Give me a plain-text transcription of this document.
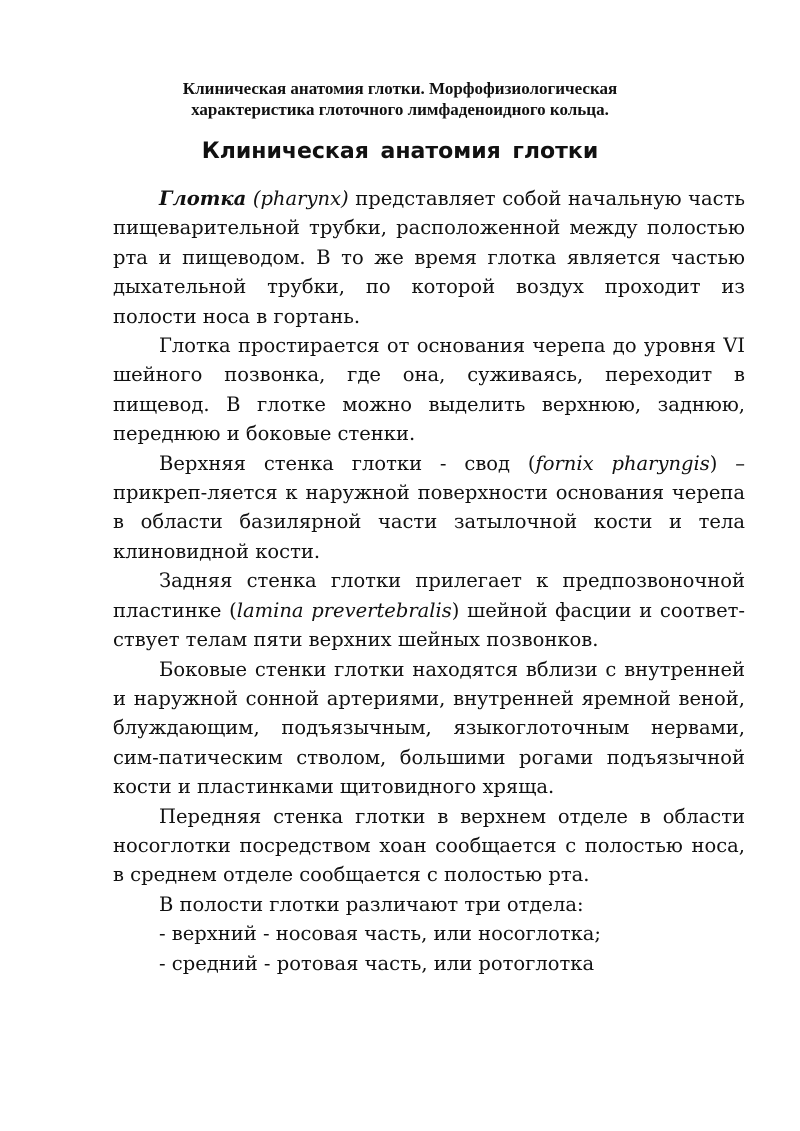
Клиническая анатомия глотки. Морфофизиологическая
характеристика глоточного лимфаденоидного кольца.
Клиническая анатомия глотки

Глотка (pharynx) представляет собой начальную часть пищеварительной трубки, расположенной между полостью рта и пищеводом. В то же время глотка является частью дыхательной трубки, по которой воздух проходит из полости носа в гортань.

Глотка простирается от основания черепа до уровня VI шейного позвонка, где она, суживаясь, переходит в пищевод. В глотке можно выделить верхнюю, заднюю, переднюю и боковые стенки.

Верхняя стенка глотки - свод (fornix pharyngis) – прикреп-ляется к наружной поверхности основания черепа в области базилярной части затылочной кости и тела клиновидной кости.

Задняя стенка глотки прилегает к предпозвоночной пластинке (lamina prevertebralis) шейной фасции и соответ-ствует телам пяти верхних шейных позвонков.

Боковые стенки глотки находятся вблизи с внутренней и наружной сонной артериями, внутренней яремной веной, блуждающим, подъязычным, языкоглоточным нервами, сим-патическим стволом, большими рогами подъязычной кости и пластинками щитовидного хряща.

Передняя стенка глотки в верхнем отделе в области носоглотки посредством хоан сообщается с полостью носа, в среднем отделе сообщается с полостью рта.

В полости глотки различают три отдела:

- верхний - носовая часть, или носоглотка;

- средний - ротовая часть, или ротоглотка
